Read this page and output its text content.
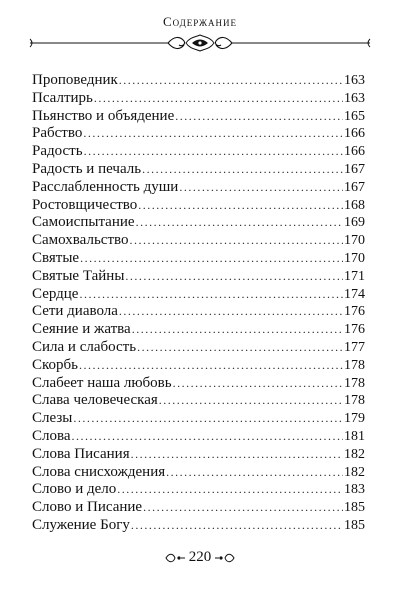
Содержание
Проповедник .....	163
Псалтирь .....	163
Пьянство и объядение .....	165
Рабство .....	166
Радость .....	166
Радость и печаль .....	167
Расслабленность души .....	167
Ростовщичество .....	168
Самоиспытание .....	169
Самохвальство .....	170
Святые .....	170
Святые Тайны .....	171
Сердце .....	174
Сети диавола .....	176
Сеяние и жатва .....	176
Сила и слабость .....	177
Скорбь .....	178
Слабеет наша любовь .....	178
Слава человеческая .....	178
Слезы .....	179
Слова .....	181
Слова Писания .....	182
Слова снисхождения .....	182
Слово и дело .....	183
Слово и Писание .....	185
Служение Богу .....	185
220
